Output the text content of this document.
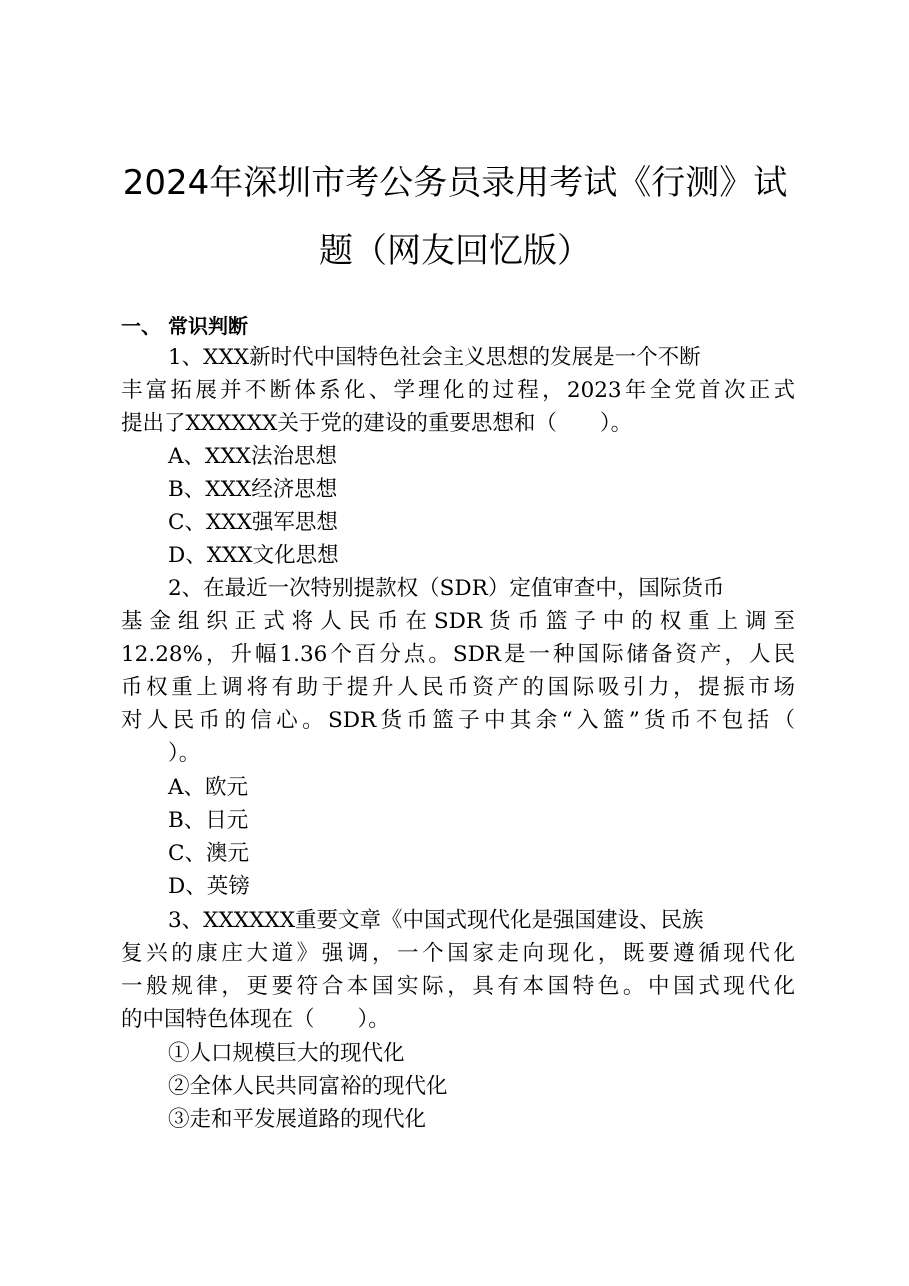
2024年深圳市考公务员录用考试《行测》试
题（网友回忆版）
一、 常识判断
1、XXX新时代中国特色社会主义思想的发展是一个不断
丰富拓展并不断体系化、学理化的过程，2023年全党首次正式
提出了XXXXXX关于党的建设的重要思想和（　　）。
A、XXX法治思想
B、XXX经济思想
C、XXX强军思想
D、XXX文化思想
2、在最近一次特别提款权（SDR）定值审查中，国际货币
基金组织正式将人民币在SDR货币篮子中的权重上调至
12.28%，升幅1.36个百分点。SDR是一种国际储备资产，人民
币权重上调将有助于提升人民币资产的国际吸引力，提振市场
对人民币的信心。SDR货币篮子中其余“入篮”货币不包括（
）。
A、欧元
B、日元
C、澳元
D、英镑
3、XXXXXX重要文章《中国式现代化是强国建设、民族
复兴的康庄大道》强调，一个国家走向现化，既要遵循现代化
一般规律，更要符合本国实际，具有本国特色。中国式现代化
的中国特色体现在（　　）。
①人口规模巨大的现代化
②全体人民共同富裕的现代化
③走和平发展道路的现代化
